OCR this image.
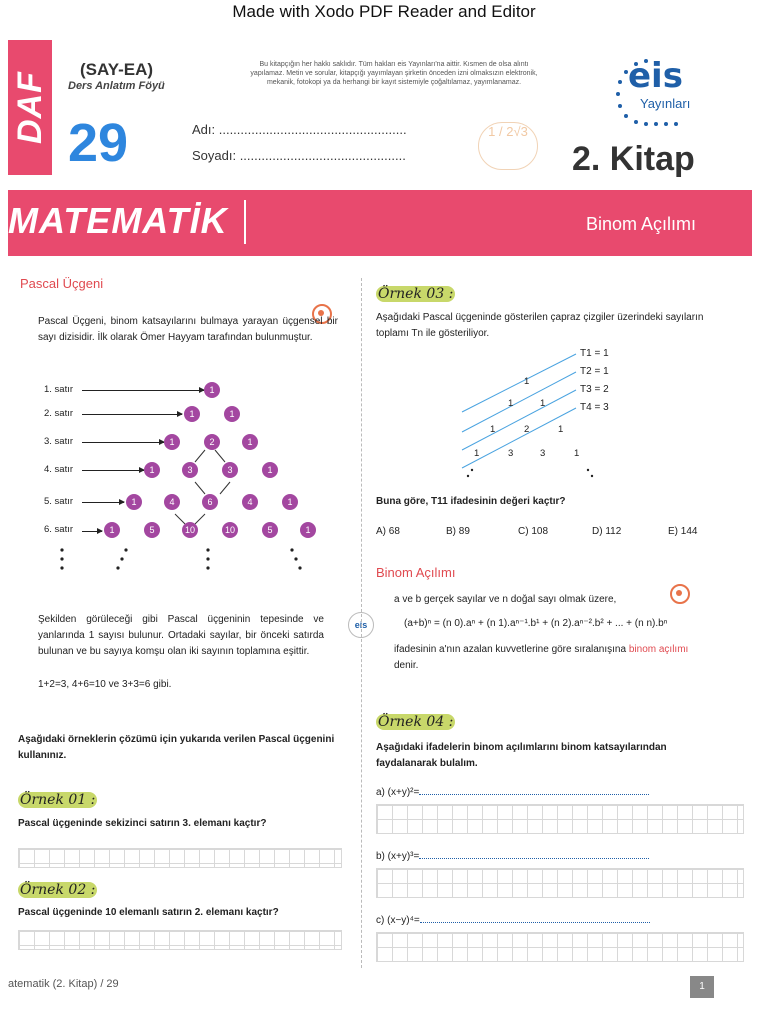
Made with Xodo PDF Reader and Editor
DAF
(SAY-EA)
Ders Anlatım Föyü
29
Bu kitapçığın her hakkı saklıdır. Tüm hakları eis Yayınları'na aittir. Kısmen de olsa alıntı yapılamaz. Metin ve sorular, kitapçığı yayımlayan şirketin önceden izni olmaksızın elektronik, mekanik, fotokopi ya da herhangi bir kayıt sistemiyle çoğaltılamaz, yayımlanamaz.
Adı: ....................................................
Soyadı: ..............................................
1 / 2√3
eis
Yayınları
2. Kitap
MATEMATİK	Binom Açılımı
Pascal Üçgeni
Pascal Üçgeni, binom katsayılarını bulmaya yarayan üçgensel bir sayı dizisidir. İlk olarak Ömer Hayyam tarafından bulunmuştur.
1. satır
2. satır
3. satır
4. satır
5. satır
6. satır
1
1	1
1	2	1
1	3	3	1
1	4	6	4	1
1	5	10	10	5	1
Şekilden görüleceği gibi Pascal üçgeninin tepesinde ve yanlarında 1 sayısı bulunur. Ortadaki sayılar, bir önceki satırda bulunan ve bu sayıya komşu olan iki sayının toplamına eşittir.
1+2=3, 4+6=10 ve 3+3=6 gibi.
eis
Aşağıdaki örneklerin çözümü için yukarıda verilen Pascal üçgenini kullanınız.
Örnek 01 :
Pascal üçgeninde sekizinci satırın 3. elemanı kaçtır?
Örnek 02 :
Pascal üçgeninde 10 elemanlı satırın 2. elemanı kaçtır?
Örnek 03 :
Aşağıdaki Pascal üçgeninde gösterilen çapraz çizgiler üzerindeki sayıların toplamı Tn ile gösteriliyor.
1
1	1
1	2	1
1	3	3	1
T1 = 1
T2 = 1
T3 = 2
T4 = 3
Buna göre, T11 ifadesinin değeri kaçtır?
A) 68	B) 89	C) 108	D) 112	E) 144
Binom Açılımı
a ve b gerçek sayılar ve n doğal sayı olmak üzere,
(a+b)ⁿ = (n 0).aⁿ + (n 1).aⁿ⁻¹.b¹ + (n 2).aⁿ⁻².b² + ... + (n n).bⁿ
ifadesinin a'nın azalan kuvvetlerine göre sıralanışına binom açılımı denir.
Örnek 04 :
Aşağıdaki ifadelerin binom açılımlarını binom katsayılarından faydalanarak bulalım.
a) (x+y)²=
b) (x+y)³=
c) (x−y)⁴=
atematik (2. Kitap) / 29	1
